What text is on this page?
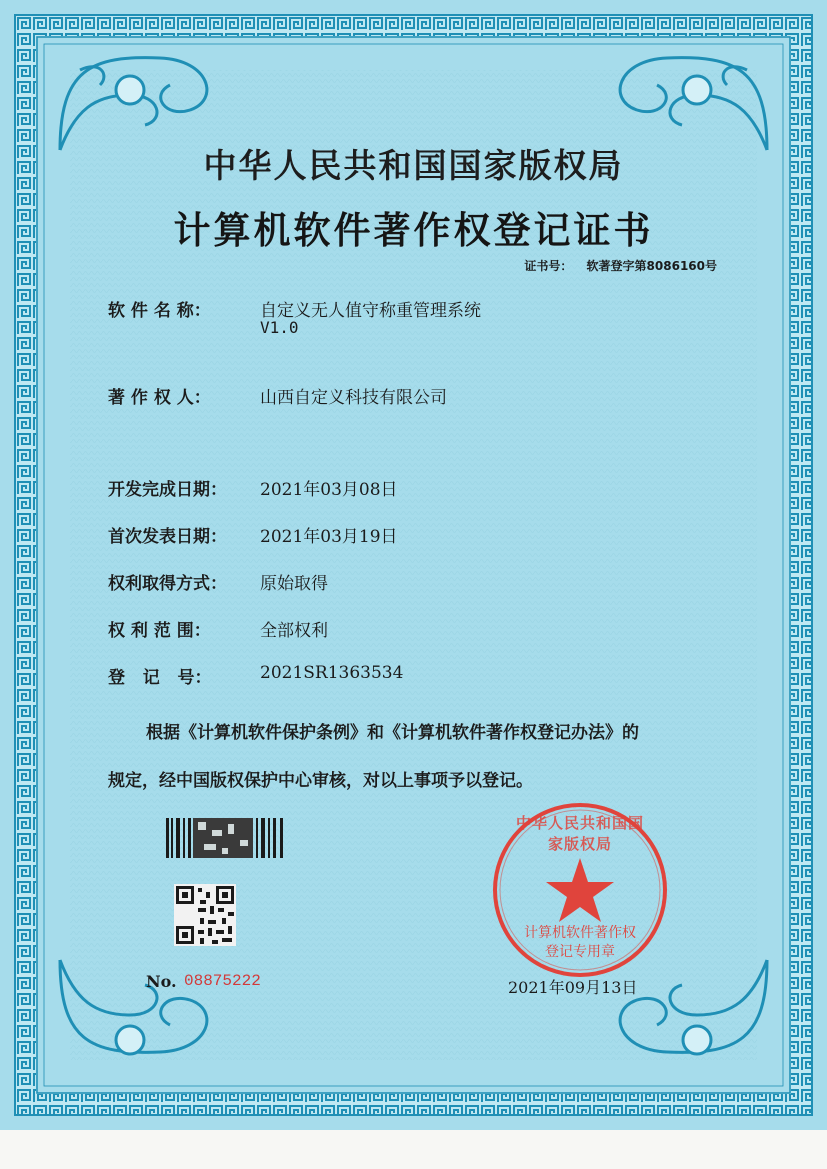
中华人民共和国国家版权局
计算机软件著作权
登记专用章
中华人民共和国国家版权局
计算机软件著作权登记证书
证书号： 软著登字第8086160号
软 件 名 称：	自定义无人值守称重管理系统
V1.0
著 作 权 人：	山西自定义科技有限公司
开发完成日期： 2021年03月08日
首次发表日期： 2021年03月19日
权利取得方式： 原始取得
权 利 范 围：	全部权利
登   记   号：	2021SR1363534
根据《计算机软件保护条例》和《计算机软件著作权登记办法》的
规定，经中国版权保护中心审核，对以上事项予以登记。
No. 08875222	2021年09月13日
